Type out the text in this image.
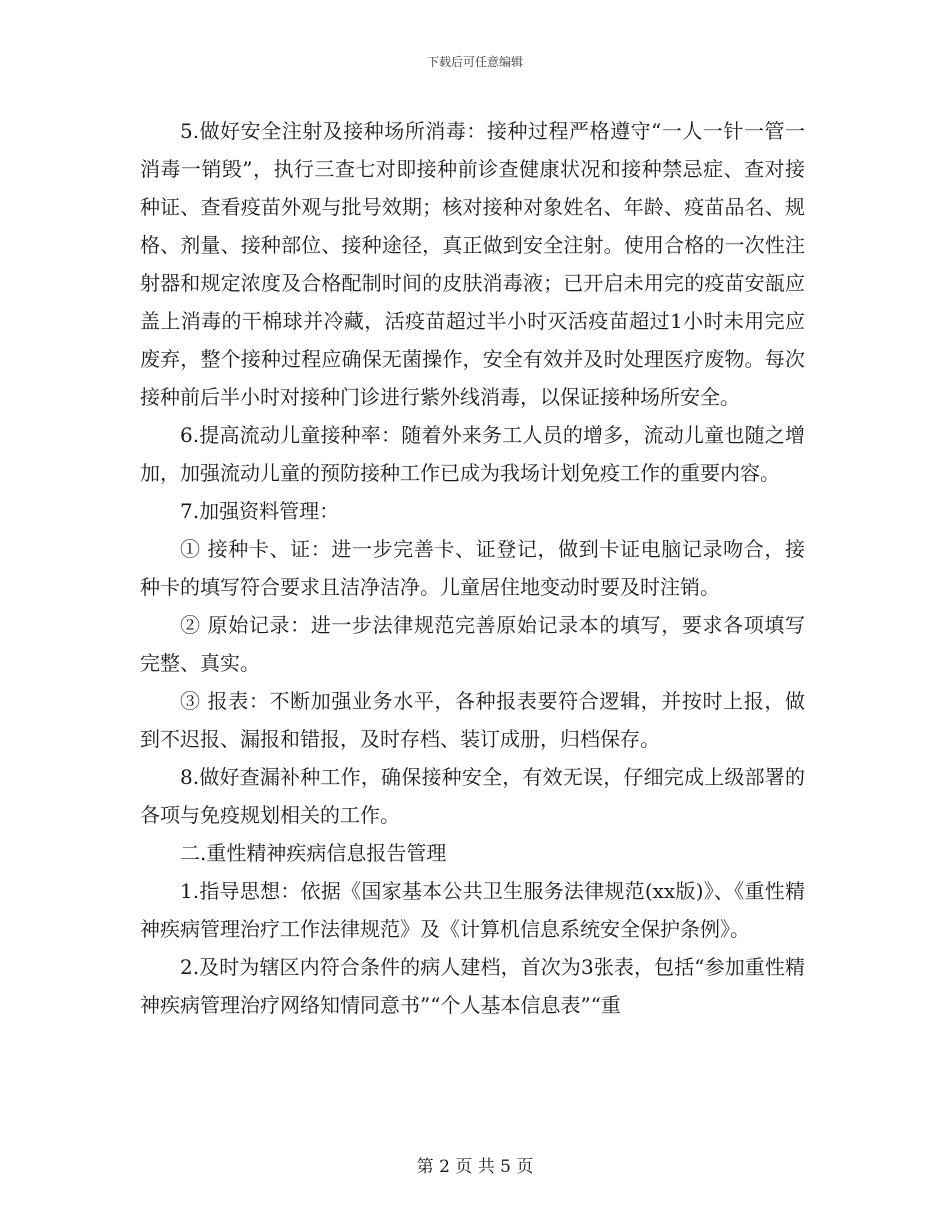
下载后可任意编辑

5.做好安全注射及接种场所消毒：接种过程严格遵守“一人一针一管一消毒一销毁”，执行三查七对即接种前诊查健康状况和接种禁忌症、查对接种证、查看疫苗外观与批号效期；核对接种对象姓名、年龄、疫苗品名、规格、剂量、接种部位、接种途径，真正做到安全注射。使用合格的一次性注射器和规定浓度及合格配制时间的皮肤消毒液；已开启未用完的疫苗安瓿应盖上消毒的干棉球并冷藏，活疫苗超过半小时灭活疫苗超过1小时未用完应废弃，整个接种过程应确保无菌操作，安全有效并及时处理医疗废物。每次接种前后半小时对接种门诊进行紫外线消毒，以保证接种场所安全。

6.提高流动儿童接种率：随着外来务工人员的增多，流动儿童也随之增加，加强流动儿童的预防接种工作已成为我场计划免疫工作的重要内容。

7.加强资料管理：

① 接种卡、证：进一步完善卡、证登记，做到卡证电脑记录吻合，接种卡的填写符合要求且洁净洁净。儿童居住地变动时要及时注销。

② 原始记录：进一步法律规范完善原始记录本的填写，要求各项填写完整、真实。

③ 报表：不断加强业务水平，各种报表要符合逻辑，并按时上报，做到不迟报、漏报和错报，及时存档、装订成册，归档保存。

8.做好查漏补种工作，确保接种安全，有效无误，仔细完成上级部署的各项与免疫规划相关的工作。

二.重性精神疾病信息报告管理

1.指导思想：依据《国家基本公共卫生服务法律规范(xx版)》、《重性精神疾病管理治疗工作法律规范》及《计算机信息系统安全保护条例》。

2.及时为辖区内符合条件的病人建档，首次为3张表，包括“参加重性精神疾病管理治疗网络知情同意书”“个人基本信息表”“重

第 2 页 共 5 页
